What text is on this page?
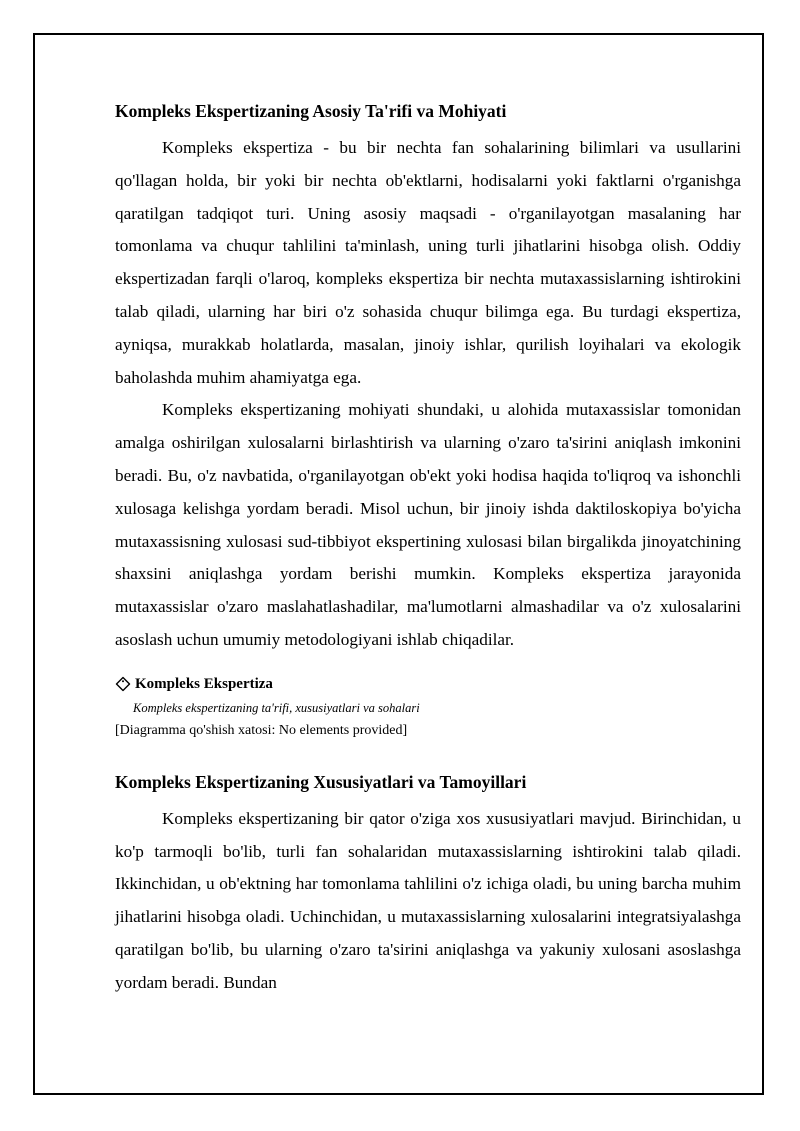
Kompleks Ekspertizaning Asosiy Ta'rifi va Mohiyati

Kompleks ekspertiza - bu bir nechta fan sohalarining bilimlari va usullarini qo'llagan holda, bir yoki bir nechta ob'ektlarni, hodisalarni yoki faktlarni o'rganishga qaratilgan tadqiqot turi. Uning asosiy maqsadi - o'rganilayotgan masalaning har tomonlama va chuqur tahlilini ta'minlash, uning turli jihatlarini hisobga olish. Oddiy ekspertizadan farqli o'laroq, kompleks ekspertiza bir nechta mutaxassislarning ishtirokini talab qiladi, ularning har biri o'z sohasida chuqur bilimga ega. Bu turdagi ekspertiza, ayniqsa, murakkab holatlarda, masalan, jinoiy ishlar, qurilish loyihalari va ekologik baholashda muhim ahamiyatga ega.

Kompleks ekspertizaning mohiyati shundaki, u alohida mutaxassislar tomonidan amalga oshirilgan xulosalarni birlashtirish va ularning o'zaro ta'sirini aniqlash imkonini beradi. Bu, o'z navbatida, o'rganilayotgan ob'ekt yoki hodisa haqida to'liqroq va ishonchli xulosaga kelishga yordam beradi. Misol uchun, bir jinoiy ishda daktiloskopiya bo'yicha mutaxassisning xulosasi sud-tibbiyot ekspertining xulosasi bilan birgalikda jinoyatchining shaxsini aniqlashga yordam berishi mumkin. Kompleks ekspertiza jarayonida mutaxassislar o'zaro maslahatlashadilar, ma'lumotlarni almashadilar va o'z xulosalarini asoslash uchun umumiy metodologiyani ishlab chiqadilar.

Kompleks Ekspertiza
Kompleks ekspertizaning ta'rifi, xususiyatlari va sohalari
[Diagramma qo'shish xatosi: No elements provided]
Kompleks Ekspertizaning Xususiyatlari va Tamoyillari

Kompleks ekspertizaning bir qator o'ziga xos xususiyatlari mavjud. Birinchidan, u ko'p tarmoqli bo'lib, turli fan sohalaridan mutaxassislarning ishtirokini talab qiladi. Ikkinchidan, u ob'ektning har tomonlama tahlilini o'z ichiga oladi, bu uning barcha muhim jihatlarini hisobga oladi. Uchinchidan, u mutaxassislarning xulosalarini integratsiyalashga qaratilgan bo'lib, bu ularning o'zaro ta'sirini aniqlashga va yakuniy xulosani asoslashga yordam beradi. Bundan
